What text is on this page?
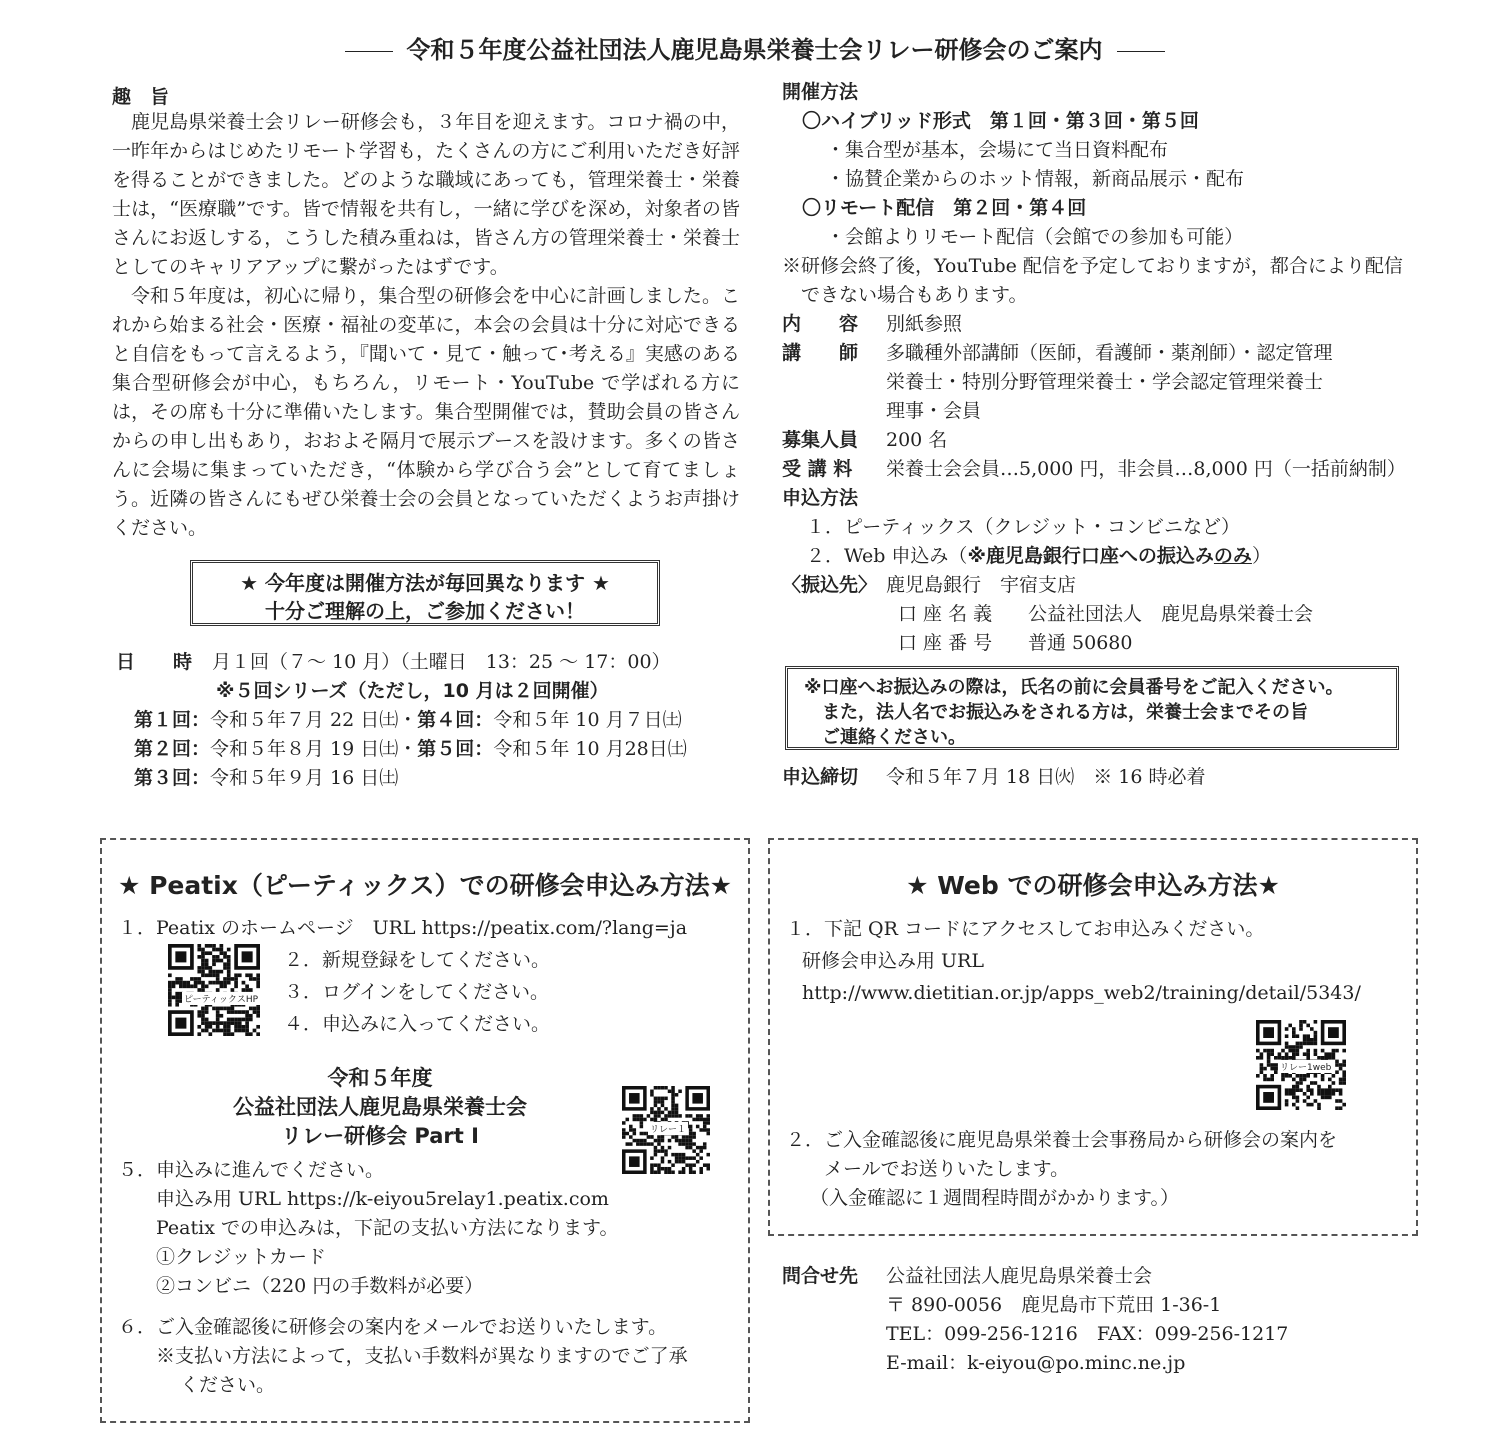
令和５年度公益社団法人鹿児島県栄養士会リレー研修会のご案内
趣　旨

鹿児島県栄養士会リレー研修会も，３年目を迎えます。コロナ禍の中，一昨年からはじめたリモート学習も，たくさんの方にご利用いただき好評を得ることができました。どのような職域にあっても，管理栄養士・栄養士は，“医療職”です。皆で情報を共有し，一緒に学びを深め，対象者の皆さんにお返しする，こうした積み重ねは，皆さん方の管理栄養士・栄養士としてのキャリアアップに繋がったはずです。

令和５年度は，初心に帰り，集合型の研修会を中心に計画しました。これから始まる社会・医療・福祉の変革に，本会の会員は十分に対応できると自信をもって言えるよう，『聞いて・見て・触って･考える』実感のある集合型研修会が中心，もちろん，リモート・YouTube で学ばれる方には，その席も十分に準備いたします。集合型開催では，賛助会員の皆さんからの申し出もあり，おおよそ隔月で展示ブースを設けます。多くの皆さんに会場に集まっていただき，“体験から学び合う会”として育てましょう。近隣の皆さんにもぜひ栄養士会の会員となっていただくようお声掛けください。

★ 今年度は開催方法が毎回異なります ★
十分ご理解の上，ご参加ください！
日　　時 月１回（７～ 10 月）（土曜日　13：25 ～ 17：00）
※５回シリーズ（ただし，10 月は２回開催）
第１回：令和５年７月 22 日㈯・第４回：令和５年 10 月７日㈯
第２回：令和５年８月 19 日㈯・第５回：令和５年 10 月28日㈯
第３回：令和５年９月 16 日㈯
開催方法
〇ハイブリッド形式　第１回・第３回・第５回
・集合型が基本，会場にて当日資料配布
・協賛企業からのホット情報，新商品展示・配布
〇リモート配信　第２回・第４回
・会館よりリモート配信（会館での参加も可能）
※研修会終了後，YouTube 配信を予定しておりますが，都合により配信できない場合もあります。
内　　容 別紙参照
講　　師 多職種外部講師（医師，看護師・薬剤師）・認定管理
栄養士・特別分野管理栄養士・学会認定管理栄養士
理事・会員
募集人員 200 名
受 講 料 栄養士会会員…5,000 円，非会員…8,000 円（一括前納制）
申込方法
１．ピーティックス（クレジット・コンビニなど）
２．Web 申込み（※鹿児島銀行口座への振込みのみ）
〈振込先〉 鹿児島銀行　宇宿支店
口 座 名 義 公益社団法人　鹿児島県栄養士会
口 座 番 号 普通 50680
※口座へお振込みの際は，氏名の前に会員番号をご記入ください。
また，法人名でお振込みをされる方は，栄養士会までその旨
ご連絡ください。
申込締切 令和５年７月 18 日㈫　※ 16 時必着
★ Peatix（ピーティックス）での研修会申込み方法★
１．Peatix のホームページ　URL https://peatix.com/?lang=ja
ピーティックスHP
２．新規登録をしてください。
３．ログインをしてください。
４．申込みに入ってください。
令和５年度
公益社団法人鹿児島県栄養士会
リレー研修会 Part Ⅰ	リレー１
５．申込みに進んでください。
申込み用 URL https://k-eiyou5relay1.peatix.com
Peatix での申込みは，下記の支払い方法になります。
①クレジットカード
②コンビニ（220 円の手数料が必要）
６．ご入金確認後に研修会の案内をメールでお送りいたします。
※支払い方法によって，支払い手数料が異なりますのでご了承
ください。
★ Web での研修会申込み方法★
１．下記 QR コードにアクセスしてお申込みください。
研修会申込み用 URL
http://www.dietitian.or.jp/apps_web2/training/detail/5343/
リレー1web
２．ご入金確認後に鹿児島県栄養士会事務局から研修会の案内を
メールでお送りいたします。
（入金確認に１週間程時間がかかります。）
問合せ先 公益社団法人鹿児島県栄養士会
〒 890-0056　鹿児島市下荒田 1-36-1
TEL：099-256-1216　FAX：099-256-1217
E-mail：k-eiyou@po.minc.ne.jp
